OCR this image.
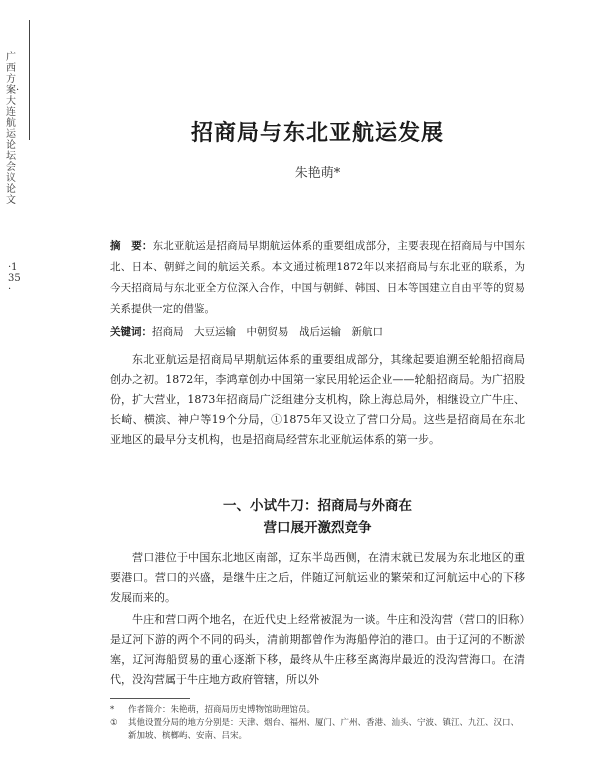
广西方案·大连航运论坛会议论文
·135·
招商局与东北亚航运发展
朱艳萌*
摘　要：东北亚航运是招商局早期航运体系的重要组成部分，主要表现在招商局与中国东北、日本、朝鲜之间的航运关系。本文通过梳理1872年以来招商局与东北亚的联系，为今天招商局与东北亚全方位深入合作，中国与朝鲜、韩国、日本等国建立自由平等的贸易关系提供一定的借鉴。
关键词：招商局　大豆运输　中朝贸易　战后运输　新航口

东北亚航运是招商局早期航运体系的重要组成部分，其缘起要追溯至轮船招商局创办之初。1872年，李鸿章创办中国第一家民用轮运企业——轮船招商局。为广招股份，扩大营业，1873年招商局广泛组建分支机构，除上海总局外，相继设立广牛庄、长崎、横滨、神户等19个分局，①1875年又设立了营口分局。这些是招商局在东北亚地区的最早分支机构，也是招商局经营东北亚航运体系的第一步。

一、小试牛刀：招商局与外商在
营口展开激烈竞争

营口港位于中国东北地区南部，辽东半岛西侧，在清末就已发展为东北地区的重要港口。营口的兴盛，是继牛庄之后，伴随辽河航运业的繁荣和辽河航运中心的下移发展而来的。

牛庄和营口两个地名，在近代史上经常被混为一谈。牛庄和没沟营（营口的旧称）是辽河下游的两个不同的码头，清前期都曾作为海船停泊的港口。由于辽河的不断淤塞，辽河海船贸易的重心逐渐下移，最终从牛庄移至离海岸最近的没沟营海口。在清代，没沟营属于牛庄地方政府管辖，所以外

*	作者简介：朱艳萌，招商局历史博物馆助理馆员。
①	其他设置分局的地方分别是：天津、烟台、福州、厦门、广州、香港、汕头、宁波、镇江、九江、汉口、新加坡、槟榔屿、安南、吕宋。
